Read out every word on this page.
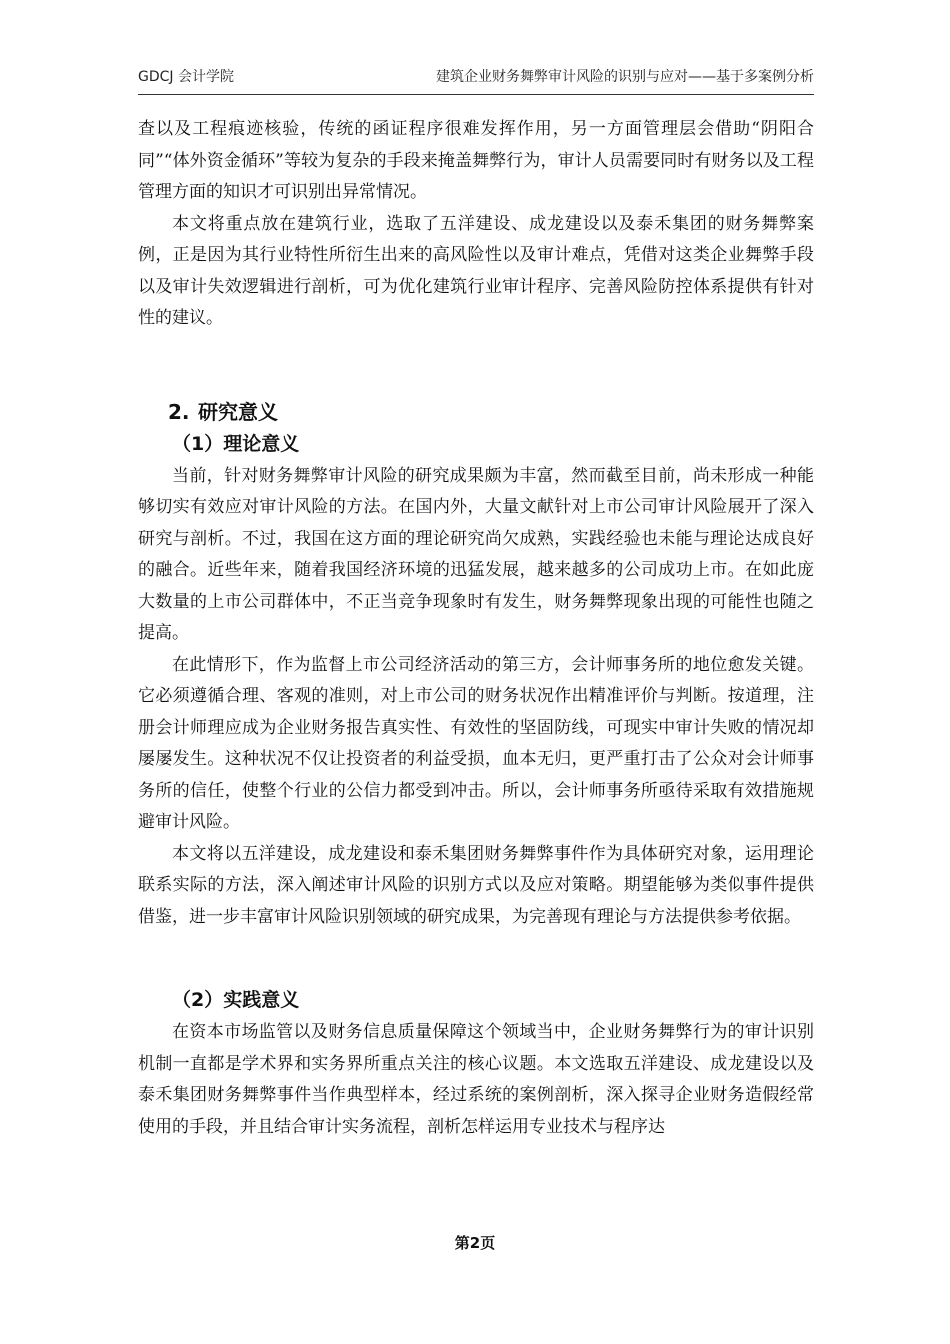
GDCJ 会计学院	建筑企业财务舞弊审计风险的识别与应对——基于多案例分析

查以及工程痕迹核验，传统的函证程序很难发挥作用，另一方面管理层会借助“阴阳合同”“体外资金循环”等较为复杂的手段来掩盖舞弊行为，审计人员需要同时有财务以及工程管理方面的知识才可识别出异常情况。

本文将重点放在建筑行业，选取了五洋建设、成龙建设以及泰禾集团的财务舞弊案例，正是因为其行业特性所衍生出来的高风险性以及审计难点，凭借对这类企业舞弊手段以及审计失效逻辑进行剖析，可为优化建筑行业审计程序、完善风险防控体系提供有针对性的建议。

2. 研究意义
（1）理论意义

当前，针对财务舞弊审计风险的研究成果颇为丰富，然而截至目前，尚未形成一种能够切实有效应对审计风险的方法。在国内外，大量文献针对上市公司审计风险展开了深入研究与剖析。不过，我国在这方面的理论研究尚欠成熟，实践经验也未能与理论达成良好的融合。近些年来，随着我国经济环境的迅猛发展，越来越多的公司成功上市。在如此庞大数量的上市公司群体中，不正当竞争现象时有发生，财务舞弊现象出现的可能性也随之提高。

在此情形下，作为监督上市公司经济活动的第三方，会计师事务所的地位愈发关键。它必须遵循合理、客观的准则，对上市公司的财务状况作出精准评价与判断。按道理，注册会计师理应成为企业财务报告真实性、有效性的坚固防线，可现实中审计失败的情况却屡屡发生。这种状况不仅让投资者的利益受损，血本无归，更严重打击了公众对会计师事务所的信任，使整个行业的公信力都受到冲击。所以，会计师事务所亟待采取有效措施规避审计风险。

本文将以五洋建设，成龙建设和泰禾集团财务舞弊事件作为具体研究对象，运用理论联系实际的方法，深入阐述审计风险的识别方式以及应对策略。期望能够为类似事件提供借鉴，进一步丰富审计风险识别领域的研究成果，为完善现有理论与方法提供参考依据。

（2）实践意义

在资本市场监管以及财务信息质量保障这个领域当中，企业财务舞弊行为的审计识别机制一直都是学术界和实务界所重点关注的核心议题。本文选取五洋建设、成龙建设以及泰禾集团财务舞弊事件当作典型样本，经过系统的案例剖析，深入探寻企业财务造假经常使用的手段，并且结合审计实务流程，剖析怎样运用专业技术与程序达

第2页
